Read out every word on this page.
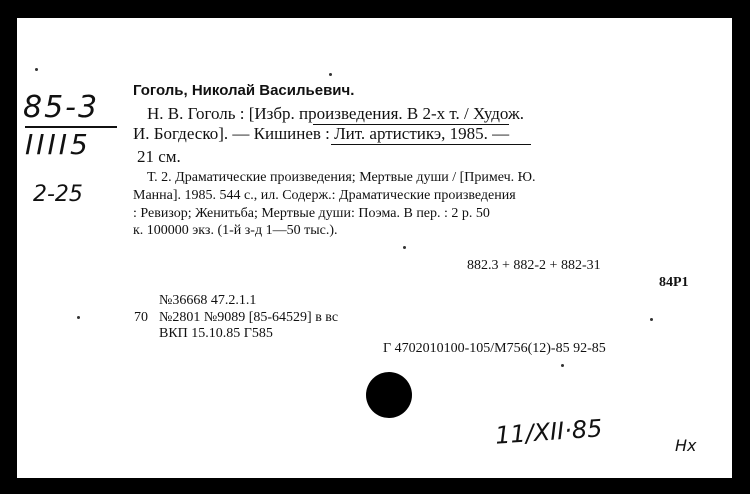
85-3
IIII5
2-25
Гоголь, Николай Васильевич.
Н. В. Гоголь : [Избр. произведения. В 2-х т. / Худож.
И. Богдеско]. — Кишинев : Лит. артистикэ, 1985. —
21 см.
Т. 2. Драматические произведения; Мертвые души / [Примеч. Ю.
Манна]. 1985. 544 с., ил. Содерж.: Драматические произведения
: Ревизор; Женитьба; Мертвые души: Поэма. В пер. : 2 р. 50
к. 100000 экз. (1-й з-д 1—50 тыс.).
882.3 + 882-2 + 882-31
84Р1
№36668 47.2.1.1
70 №2801 №9089 [85-64529] в вс
ВКП 15.10.85 Г585
Г 4702010100-105/М756(12)-85 92-85
11/XII·85	Нх
